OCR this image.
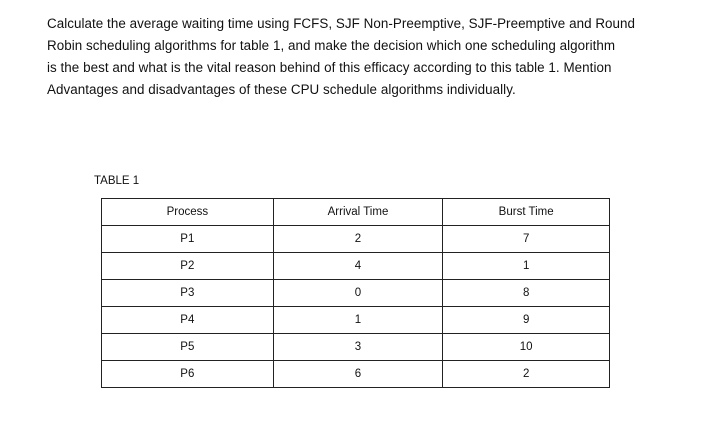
Calculate the average waiting time using FCFS, SJF Non-Preemptive, SJF-Preemptive and Round
Robin scheduling algorithms for table 1, and make the decision which one scheduling algorithm
is the best and what is the vital reason behind of this efficacy according to this table 1. Mention
Advantages and disadvantages of these CPU schedule algorithms individually.

TABLE 1
Process	Arrival Time	Burst Time
P1	2	7
P2	4	1
P3	0	8
P4	1	9
P5	3	10
P6	6	2
